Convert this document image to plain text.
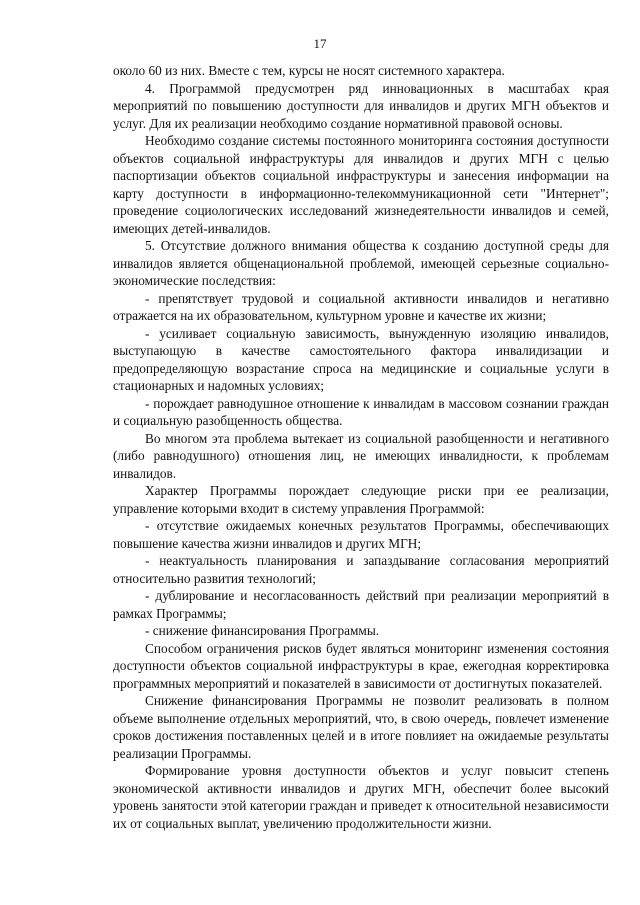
17

около 60 из них. Вместе с тем, курсы не носят системного характера.

4. Программой предусмотрен ряд инновационных в масштабах края мероприятий по повышению доступности для инвалидов и других МГН объектов и услуг. Для их реализации необходимо создание нормативной правовой основы.

Необходимо создание системы постоянного мониторинга состояния доступности объектов социальной инфраструктуры для инвалидов и других МГН с целью паспортизации объектов социальной инфраструктуры и занесения информации на карту доступности в информационно-телекоммуникационной сети "Интернет"; проведение социологических исследований жизнедеятельности инвалидов и семей, имеющих детей-инвалидов.

5. Отсутствие должного внимания общества к созданию доступной среды для инвалидов является общенациональной проблемой, имеющей серьезные социально-экономические последствия:

- препятствует трудовой и социальной активности инвалидов и негативно отражается на их образовательном, культурном уровне и качестве их жизни;

- усиливает социальную зависимость, вынужденную изоляцию инвалидов, выступающую в качестве самостоятельного фактора инвалидизации и предопределяющую возрастание спроса на медицинские и социальные услуги в стационарных и надомных условиях;

- порождает равнодушное отношение к инвалидам в массовом сознании граждан и социальную разобщенность общества.

Во многом эта проблема вытекает из социальной разобщенности и негативного (либо равнодушного) отношения лиц, не имеющих инвалидности, к проблемам инвалидов.

Характер Программы порождает следующие риски при ее реализации, управление которыми входит в систему управления Программой:

- отсутствие ожидаемых конечных результатов Программы, обеспечивающих повышение качества жизни инвалидов и других МГН;

- неактуальность планирования и запаздывание согласования мероприятий относительно развития технологий;

- дублирование и несогласованность действий при реализации мероприятий в рамках Программы;

- снижение финансирования Программы.

Способом ограничения рисков будет являться мониторинг изменения состояния доступности объектов социальной инфраструктуры в крае, ежегодная корректировка программных мероприятий и показателей в зависимости от достигнутых показателей.

Снижение финансирования Программы не позволит реализовать в полном объеме выполнение отдельных мероприятий, что, в свою очередь, повлечет изменение сроков достижения поставленных целей и в итоге повлияет на ожидаемые результаты реализации Программы.

Формирование уровня доступности объектов и услуг повысит степень экономической активности инвалидов и других МГН, обеспечит более высокий уровень занятости этой категории граждан и приведет к относительной независимости их от социальных выплат, увеличению продолжительности жизни.
